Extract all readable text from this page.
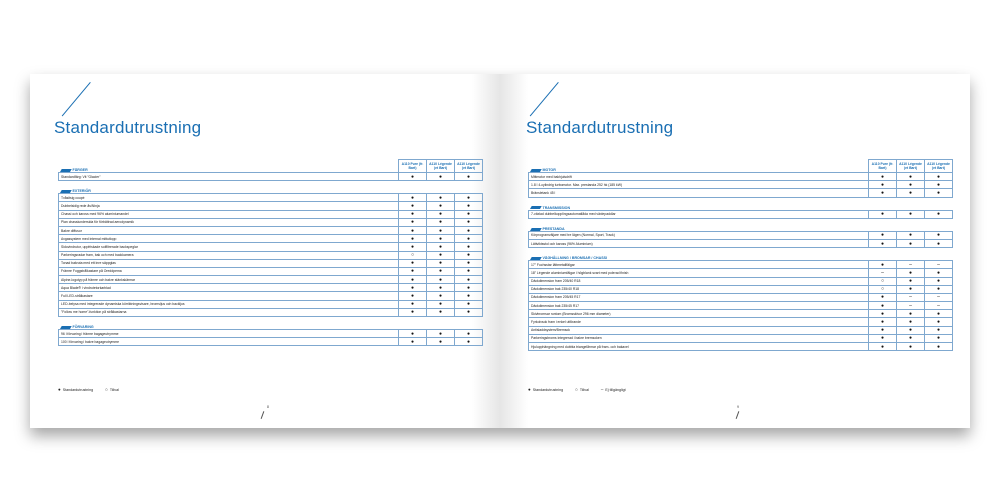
Standardutrustning
FÄRGER	A110 Pure (fr. Bart)	A110 Légende (et Bart)	A110 Légende (et Bart)
Standardfärg: Vit "Glacier"	●	●	●

EXTERIÖR			
Tvåsitsig coupé	●	●	●
Dubbelsidig rede ås/Ninja	●	●	●
Chassi och kaross med 96% aluminiumandel	●	●	●
Plan chassiundersida för förbättrad aerodynamik	●	●	●
Bakre diffusor	●	●	●
Avgassystem med internal mittutlopp	●	●	●
Sidovindrutor, uppfriskade solfiltrerade backspeglar	●	●	●
Parkeringsradar fram, bak och med backkamera	○	●	●
Tonad bakruta med ett inre säppglas	●	●	●
Främre Foggstrålkastare på Oreddpema	●	●	●
Alpine-logotyp på främre och bakre stänkskärmar	●	●	●
Aqua Blade® i vindrutetorkarblad	●	●	●
Full LED-strålkastare	●	●	●
LED-belysa med integrerade dynamiska körriktningsvisare, bromsljus och backljus	●	●	●
"Follow me home"-funktion på strålkastarna	●	●	●

FÖRVARING			
96 l förvaring i främre bagageutrymme	●	●	●
100 l förvaring i bakre bagageutrymme	●	●	●
● Standardutrustning	○ Tillval
8
Standardutrustning
MOTOR	A110 Pure (fr. Bart)	A110 Légende (et Bart)	A110 Légende (et Bart)
Mittmotor med bakhjulsdrift	●	●	●
1.8 l 4-cylindrig turbomotor. Max. prestanda 252 hk (185 kW)	●	●	●
Bränsletank 45 l	●	●	●

TRANSMISSION			
7-växlad dubbelkopplingsautomatlåda med växlepaddlar	●	●	●

PRESTANDA			
Körprogramväljare med tre lägen (Normal, Sport, Track)	●	●	●
Lättviktsstol och kaross (96% Aluminium)	●	●	●

VÄGHÅLLNING / BROMSAR / CHASSI			
17" Fuchsstar lättmetallfälgar	●	–	–
18" Légende aluminiumfälgar i högblank svart med polerad finish	–	●	●
Däckdimension fram 205/40 R18	○	●	●
Däckdimension bak 235/40 R18	○	●	●
Däckdimension fram 205/45 R17	●	–	–
Däckdimension bak 235/45 R17	●	–	–
Skivbromsar runtom (Bromsskivor 296 mm diameter)	●	●	●
Fyrkolvsok fram i enkel utförande	●	●	●
Antisladdsystem/Bremsok	●	●	●
Parkeringsbroms integrerad i bakre bremsoken	●	●	●
Hjulupphängning med dubbla triangelårmar på fram- och bakaxel	●	●	●
● Standardutrustning	○ Tillval	– Ej tillgängligt
9
